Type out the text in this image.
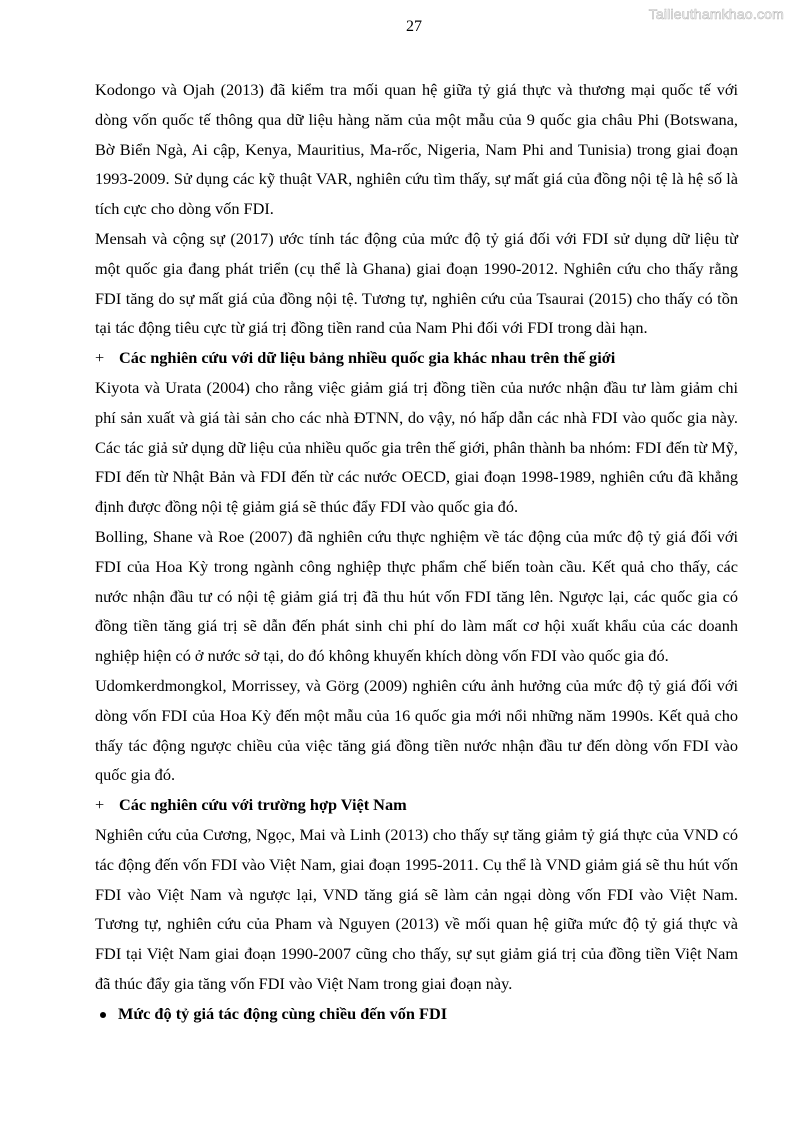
Tailieuthamkhao.com
27

Kodongo và Ojah (2013) đã kiểm tra mối quan hệ giữa tỷ giá thực và thương mại quốc tế với dòng vốn quốc tế thông qua dữ liệu hàng năm của một mẫu của 9 quốc gia châu Phi (Botswana, Bờ Biển Ngà, Ai cập, Kenya, Mauritius, Ma-rốc, Nigeria, Nam Phi and Tunisia) trong giai đoạn 1993-2009. Sử dụng các kỹ thuật VAR, nghiên cứu tìm thấy, sự mất giá của đồng nội tệ là hệ số là tích cực cho dòng vốn FDI.

Mensah và cộng sự (2017) ước tính tác động của mức độ tỷ giá đối với FDI sử dụng dữ liệu từ một quốc gia đang phát triển (cụ thể là Ghana) giai đoạn 1990-2012. Nghiên cứu cho thấy rằng FDI tăng do sự mất giá của đồng nội tệ. Tương tự, nghiên cứu của Tsaurai (2015) cho thấy có tồn tại tác động tiêu cực từ giá trị đồng tiền rand của Nam Phi đối với FDI trong dài hạn.

+ Các nghiên cứu với dữ liệu bảng nhiều quốc gia khác nhau trên thế giới

Kiyota và Urata (2004) cho rằng việc giảm giá trị đồng tiền của nước nhận đầu tư làm giảm chi phí sản xuất và giá tài sản cho các nhà ĐTNN, do vậy, nó hấp dẫn các nhà FDI vào quốc gia này. Các tác giả sử dụng dữ liệu của nhiều quốc gia trên thế giới, phân thành ba nhóm: FDI đến từ Mỹ, FDI đến từ Nhật Bản và FDI đến từ các nước OECD, giai đoạn 1998-1989, nghiên cứu đã khẳng định được đồng nội tệ giảm giá sẽ thúc đẩy FDI vào quốc gia đó.

Bolling, Shane và Roe (2007) đã nghiên cứu thực nghiệm về tác động của mức độ tỷ giá đối với FDI của Hoa Kỳ trong ngành công nghiệp thực phẩm chế biến toàn cầu. Kết quả cho thấy, các nước nhận đầu tư có nội tệ giảm giá trị đã thu hút vốn FDI tăng lên. Ngược lại, các quốc gia có đồng tiền tăng giá trị sẽ dẫn đến phát sinh chi phí do làm mất cơ hội xuất khẩu của các doanh nghiệp hiện có ở nước sở tại, do đó không khuyến khích dòng vốn FDI vào quốc gia đó.

Udomkerdmongkol, Morrissey, và Görg (2009) nghiên cứu ảnh hưởng của mức độ tỷ giá đối với dòng vốn FDI của Hoa Kỳ đến một mẫu của 16 quốc gia mới nổi những năm 1990s. Kết quả cho thấy tác động ngược chiều của việc tăng giá đồng tiền nước nhận đầu tư đến dòng vốn FDI vào quốc gia đó.

+ Các nghiên cứu với trường hợp Việt Nam

Nghiên cứu của Cương, Ngọc, Mai và Linh (2013) cho thấy sự tăng giảm tỷ giá thực của VND có tác động đến vốn FDI vào Việt Nam, giai đoạn 1995-2011. Cụ thể là VND giảm giá sẽ thu hút vốn FDI vào Việt Nam và ngược lại, VND tăng giá sẽ làm cản ngại dòng vốn FDI vào Việt Nam. Tương tự, nghiên cứu của Pham và Nguyen (2013) về mối quan hệ giữa mức độ tỷ giá thực và FDI tại Việt Nam giai đoạn 1990-2007 cũng cho thấy, sự sụt giảm giá trị của đồng tiền Việt Nam đã thúc đẩy gia tăng vốn FDI vào Việt Nam trong giai đoạn này.

Mức độ tỷ giá tác động cùng chiều đến vốn FDI
